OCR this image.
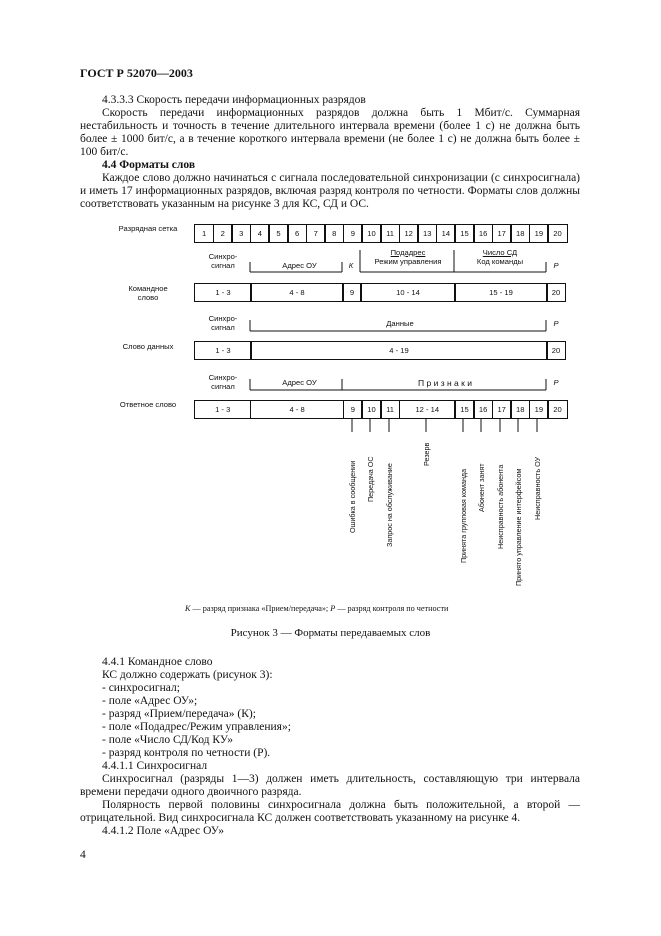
ГОСТ Р 52070—2003
4.3.3.3 Скорость передачи информационных разрядов
Скорость передачи информационных разрядов должна быть 1 Мбит/с. Суммарная нестабильность и точность в течение длительного интервала времени (более 1 с) не должна быть более ± 1000 бит/с, а в течение короткого интервала времени (не более 1 с) не должна быть более ± 100 бит/с.
4.4 Форматы слов
Каждое слово должно начинаться с сигнала последовательной синхронизации (с синхросигнала) и иметь 17 информационных разрядов, включая разряд контроля по четности. Форматы слов должны соответствовать указанным на рисунке 3 для КС, СД и ОС.
Разрядная сетка
Командное слово
Слово данных
Ответное слово
1	2	3	4	5	6	7	8	9	10	11	12	13	14	15	16	17	18	19	20
Синхро-сигнал	Адрес ОУ	К
Подадрес
Режим управления
Число СД
Код команды	Р
1 - 3	4 - 8	9	10 - 14	15 - 19	20
Синхро-сигнал	Данные	Р
1 - 3	4 - 19	20
Синхро-сигнал	Адрес ОУ	П р и з н а к и	Р
1 - 3	4 - 8	9	10	11	12 - 14	15	16	17	18	19	20
Ошибка в сообщении Передача ОС Запрос на обслуживание
Резерв
Принята групповая команда Абонент занят Неисправность абонента Принято управление интерфейсом Неисправность ОУ
К — разряд признака «Прием/передача»; Р — разряд контроля по четности
Рисунок 3 — Форматы передаваемых слов
4.4.1 Командное слово
КС должно содержать (рисунок 3):
- синхросигнал;
- поле «Адрес ОУ»;
- разряд «Прием/передача» (К);
- поле «Подадрес/Режим управления»;
- поле «Число СД/Код КУ»
- разряд контроля по четности (Р).
4.4.1.1 Синхросигнал
Синхросигнал (разряды 1—3) должен иметь длительность, составляющую три интервала времени передачи одного двоичного разряда.
Полярность первой половины синхросигнала должна быть положительной, а второй — отрицательной. Вид синхросигнала КС должен соответствовать указанному на рисунке 4.
4.4.1.2 Поле «Адрес ОУ»
4
